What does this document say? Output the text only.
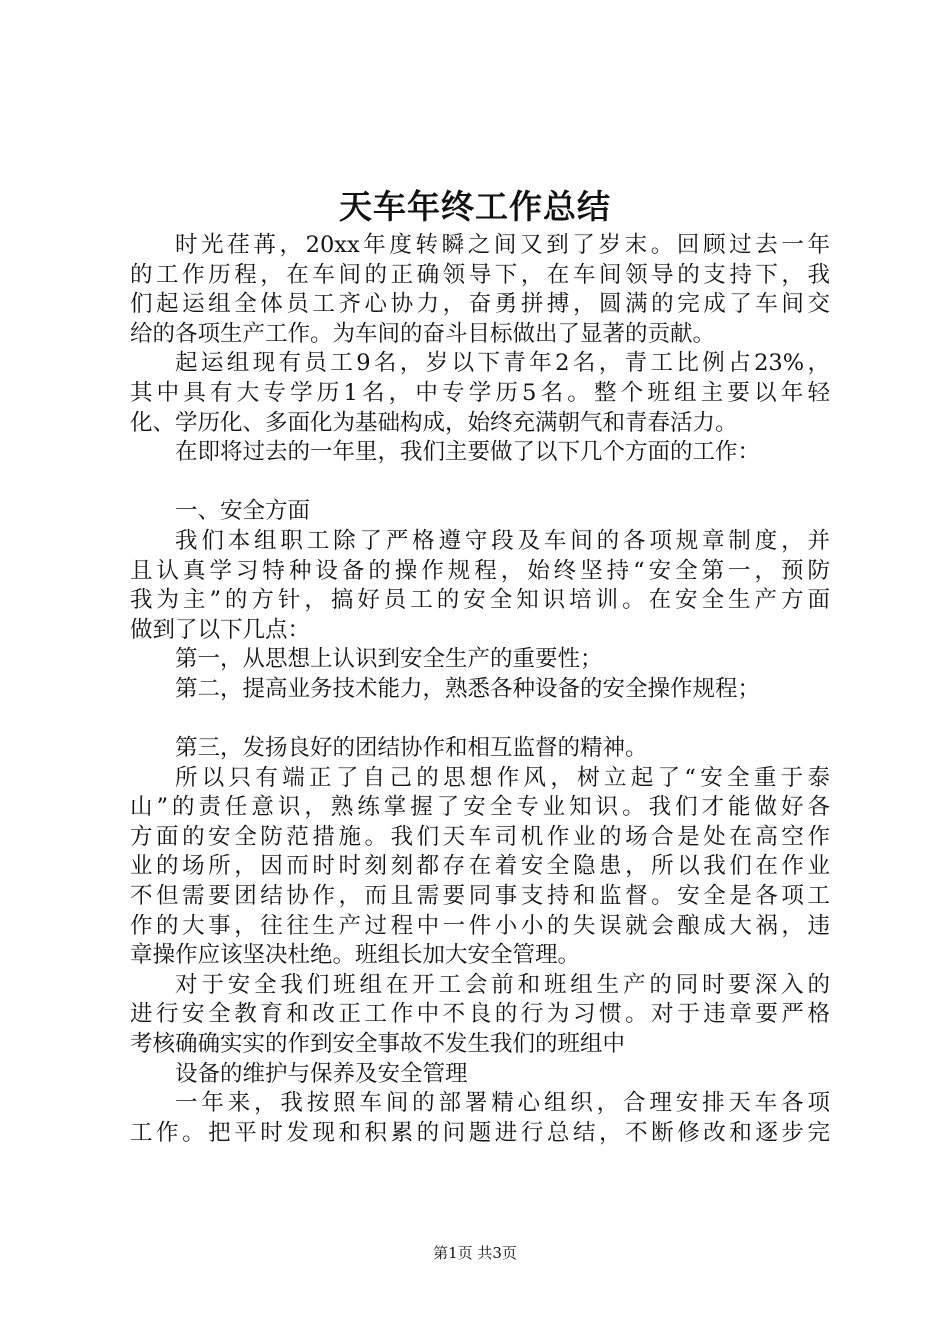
天车年终工作总结
时光荏苒，20xx年度转瞬之间又到了岁末。回顾过去一年
的工作历程，在车间的正确领导下，在车间领导的支持下，我
们起运组全体员工齐心协力，奋勇拼搏，圆满的完成了车间交
给的各项生产工作。为车间的奋斗目标做出了显著的贡献。
起运组现有员工9名，岁以下青年2名，青工比例占23%，
其中具有大专学历1名，中专学历5名。整个班组主要以年轻
化、学历化、多面化为基础构成，始终充满朝气和青春活力。
在即将过去的一年里，我们主要做了以下几个方面的工作：
一、安全方面
我们本组职工除了严格遵守段及车间的各项规章制度，并
且认真学习特种设备的操作规程，始终坚持“安全第一，预防
我为主”的方针，搞好员工的安全知识培训。在安全生产方面
做到了以下几点：
第一，从思想上认识到安全生产的重要性；
第二，提高业务技术能力，熟悉各种设备的安全操作规程；
第三，发扬良好的团结协作和相互监督的精神。
所以只有端正了自己的思想作风，树立起了“安全重于泰
山”的责任意识，熟练掌握了安全专业知识。我们才能做好各
方面的安全防范措施。我们天车司机作业的场合是处在高空作
业的场所，因而时时刻刻都存在着安全隐患，所以我们在作业
不但需要团结协作，而且需要同事支持和监督。安全是各项工
作的大事，往往生产过程中一件小小的失误就会酿成大祸，违
章操作应该坚决杜绝。班组长加大安全管理。
对于安全我们班组在开工会前和班组生产的同时要深入的
进行安全教育和改正工作中不良的行为习惯。对于违章要严格
考核确确实实的作到安全事故不发生我们的班组中
设备的维护与保养及安全管理
一年来，我按照车间的部署精心组织，合理安排天车各项
工作。把平时发现和积累的问题进行总结，不断修改和逐步完
第1页 共3页
